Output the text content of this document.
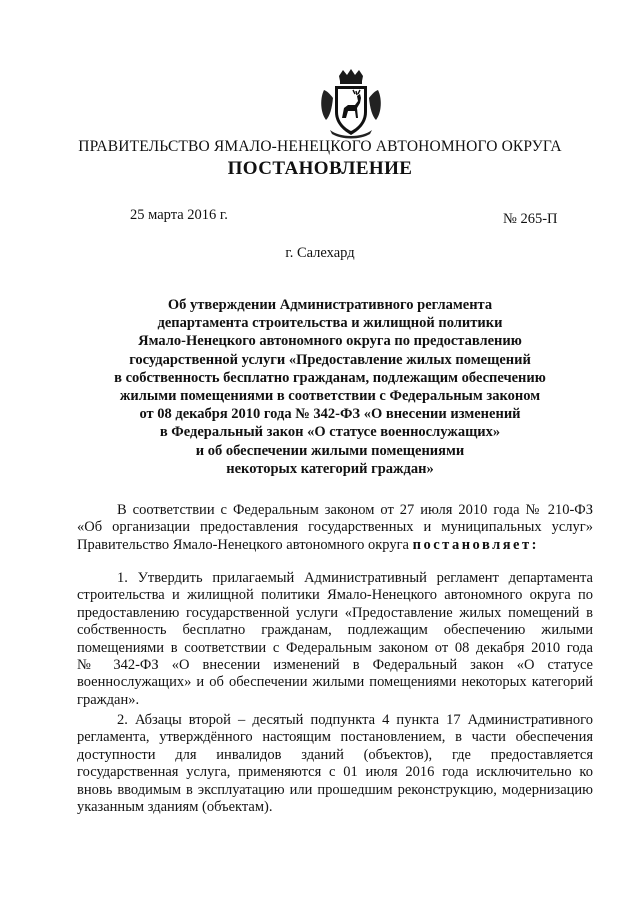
ПРАВИТЕЛЬСТВО ЯМАЛО-НЕНЕЦКОГО АВТОНОМНОГО ОКРУГА
ПОСТАНОВЛЕНИЕ
25 марта 2016 г.	№ 265-П
г. Салехард
Об утверждении Административного регламента
департамента строительства и жилищной политики
Ямало-Ненецкого автономного округа по предоставлению
государственной услуги «Предоставление жилых помещений
в собственность бесплатно гражданам, подлежащим обеспечению
жилыми помещениями в соответствии с Федеральным законом
от 08 декабря 2010 года № 342-ФЗ «О внесении изменений
в Федеральный закон «О статусе военнослужащих»
и об обеспечении жилыми помещениями
некоторых категорий граждан»
В соответствии с Федеральным законом от 27 июля 2010 года № 210-ФЗ
«Об организации предоставления государственных и муниципальных услуг»
Правительство Ямало-Ненецкого автономного округа постановляет:
1. Утвердить прилагаемый Административный регламент департамента
строительства и жилищной политики Ямало-Ненецкого автономного округа по
предоставлению государственной услуги «Предоставление жилых помещений в
собственность бесплатно гражданам, подлежащим обеспечению жилыми
помещениями в соответствии с Федеральным законом от 08 декабря 2010 года
№ 342-ФЗ «О внесении изменений в Федеральный закон «О статусе
военнослужащих» и об обеспечении жилыми помещениями некоторых категорий
граждан».
2. Абзацы второй – десятый подпункта 4 пункта 17 Административного
регламента, утверждённого настоящим постановлением, в части обеспечения
доступности для инвалидов зданий (объектов), где предоставляется
государственная услуга, применяются с 01 июля 2016 года исключительно ко
вновь вводимым в эксплуатацию или прошедшим реконструкцию, модернизацию
указанным зданиям (объектам).
